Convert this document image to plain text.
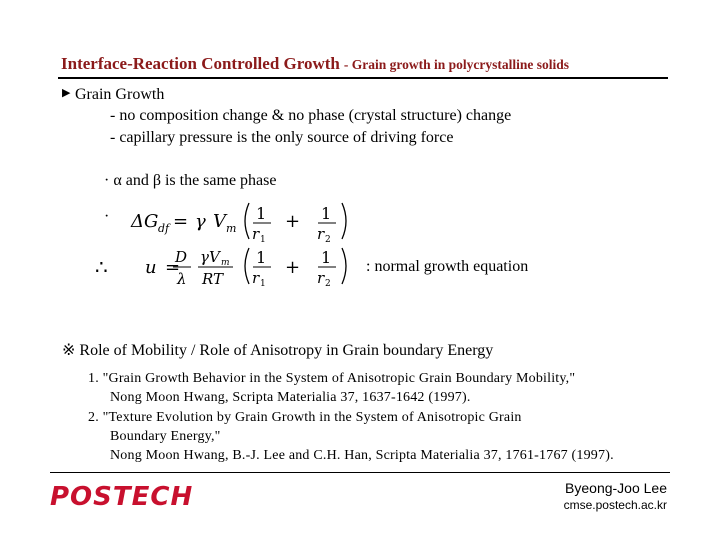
Interface-Reaction Controlled Growth - Grain growth in polycrystalline solids
▶ Grain Growth
- no composition change & no phase (crystal structure) change
- capillary pressure is the only source of driving force
· α and β is the same phase
· ΔG df = γ V m
1
r 1
+ 1
r 2
∴ u =
D
λ
γV m
RT
1
r 1
+ 1
r 2
: normal growth equation
※ Role of Mobility / Role of Anisotropy in Grain boundary Energy
1. "Grain Growth Behavior in the System of Anisotropic Grain Boundary Mobility,"
Nong Moon Hwang, Scripta Materialia 37, 1637-1642 (1997).
2. "Texture Evolution by Grain Growth in the System of Anisotropic Grain
Boundary Energy,"
Nong Moon Hwang, B.-J. Lee and C.H. Han, Scripta Materialia 37, 1761-1767 (1997).
POSTECH	Byeong-Joo Lee
cmse.postech.ac.kr
